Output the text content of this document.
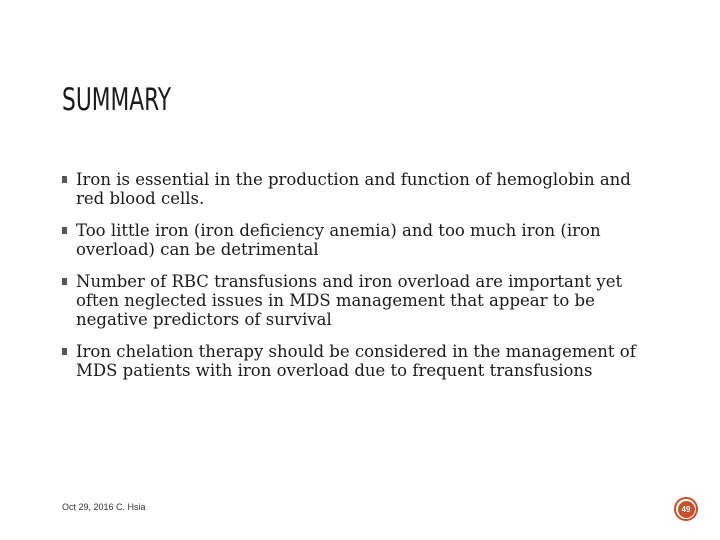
SUMMARY
Iron is essential in the production and function of hemoglobin and red blood cells.
Too little iron (iron deficiency anemia) and too much iron (iron overload) can be detrimental
Number of RBC transfusions and iron overload are important yet often neglected issues in MDS management that appear to be negative predictors of survival
Iron chelation therapy should be considered in the management of MDS patients with iron overload due to frequent transfusions
Oct 29, 2016 C. Hsia	49
